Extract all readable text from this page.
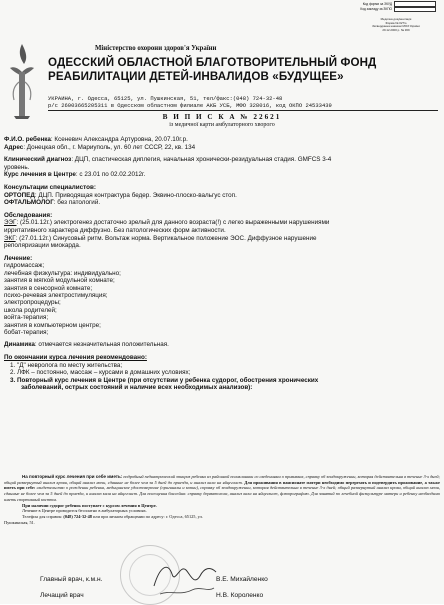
Код форми за ЗКУД
Код закладу за ЗКПО
Медична документація
Форма № 027/о
Затверджена наказом МОЗ України
29.12.2000 р. № 369
Міністерство охорони здоров'я України
ОДЕССКИЙ ОБЛАСТНОЙ БЛАГОТВОРИТЕЛЬНЫЙ ФОНД
РЕАБИЛИТАЦИИ ДЕТЕЙ-ИНВАЛИДОВ «БУДУЩЕЕ»
УКРАИНА, г. Одесса, 65125, ул. Пушкинская, 51, тел/факс:(048) 724-32-48
р/с 26003665205311 в Одесском областном филиале АКБ УСБ, МФО 328016, код ОКПО 24533439
В И П И С К А № 22621
із медичної карти амбулаторного хворого
Ф.И.О. ребенка: Ксеневич Александра Артуровна, 20.07.10г.р.
Адрес: Донецкая обл., г. Мариуполь, ул. 60 лет СССР, 22, кв. 134
Клинический диагноз: ДЦП, спастическая диплегия, начальная хронически-резидуальная стадия. GMFCS 3-4
уровень.
Курс лечения в Центре: с 23.01 по 02.02.2012г.
Консультации специалистов:
ОРТОПЕД: ДЦП. Приводящая контрактура бедер. Эквино-плоско-вальгус стоп.
ОФТАЛЬМОЛОГ: без патологий.
Обследования:
ЭЭГ: (25.01.12г.) электрогенез достаточно зрелый для данного возраста(!) с легко выраженными нарушениями
ирритативного характера диффузно. Без патологических форм активности.
ЭКГ: (27.01.12г.) Синусовый ритм. Вольтаж норма. Вертикальное положение ЭОС. Диффузное нарушение
реполяризации миокарда.
Лечение:
гидромассаж;
лечебная физкультура: индивидуально;
занятия в мягкой модульной комнате;
занятия в сенсорной комнате;
психо-речевая электростимуляция;
электропроцедуры;
школа родителей;
войта-терапия;
занятия в компьютерном центре;
бобат-терапия;
Динамика: отмечается незначительная положительная.
По окончании курса лечения рекомендовано:
1. "Д" невролога по месту жительства;
2. ЛФК – постоянно, массаж – курсами в домашних условиях;
3. Повторный курс лечения в Центре (при отсутствии у ребенка судорог, обострения хронических
заболеваний, острых состояний и наличие всех необходимых анализов):
На повторный курс лечения при себе иметь: подробный педиатрический эпикриз ребенка из районной поликлиники со сведениями о прививках, справку об эпидокружении, которая действительна в течение 3-х дней; общий развернутый анализ крови, общий анализ мочи, сданные не более чем за 5 дней до приезда, и анализ кала на яйцеглист. Для проживания в пансионате матери необходимо перерезать и подтвердить проживание, а также иметь при себе: свидетельство о рождении ребенка, медицинское удостоверение (оригиналы и копии), справку об эпидокружении, которая действительна в течение 3-х дней; общий развернутый анализ крови, общий анализ мочи, сданные не более чем за 5 дней до приезда, и анализ кала на яйцеглист. Для посещения бассейна: справку дерматолога, анализ кала на яйцеглист, флюорографию. Для занятий по лечебной физкультуре матери и ребенку необходимо иметь спортивный костюм.
При наличии судорог ребенок поступает с курсом лечения в Центре.
Лечение в Центре проводится бесплатно в амбулаторных условиях.
Телефон для справок: (048) 724-32-48 или при личном обращении по адресу: г. Одесса, 65125, ул.
Пушкинская, 51.
Главный врач, к.м.н.	В.Е. Михайленко
Лечащий врач	Н.В. Короленко
